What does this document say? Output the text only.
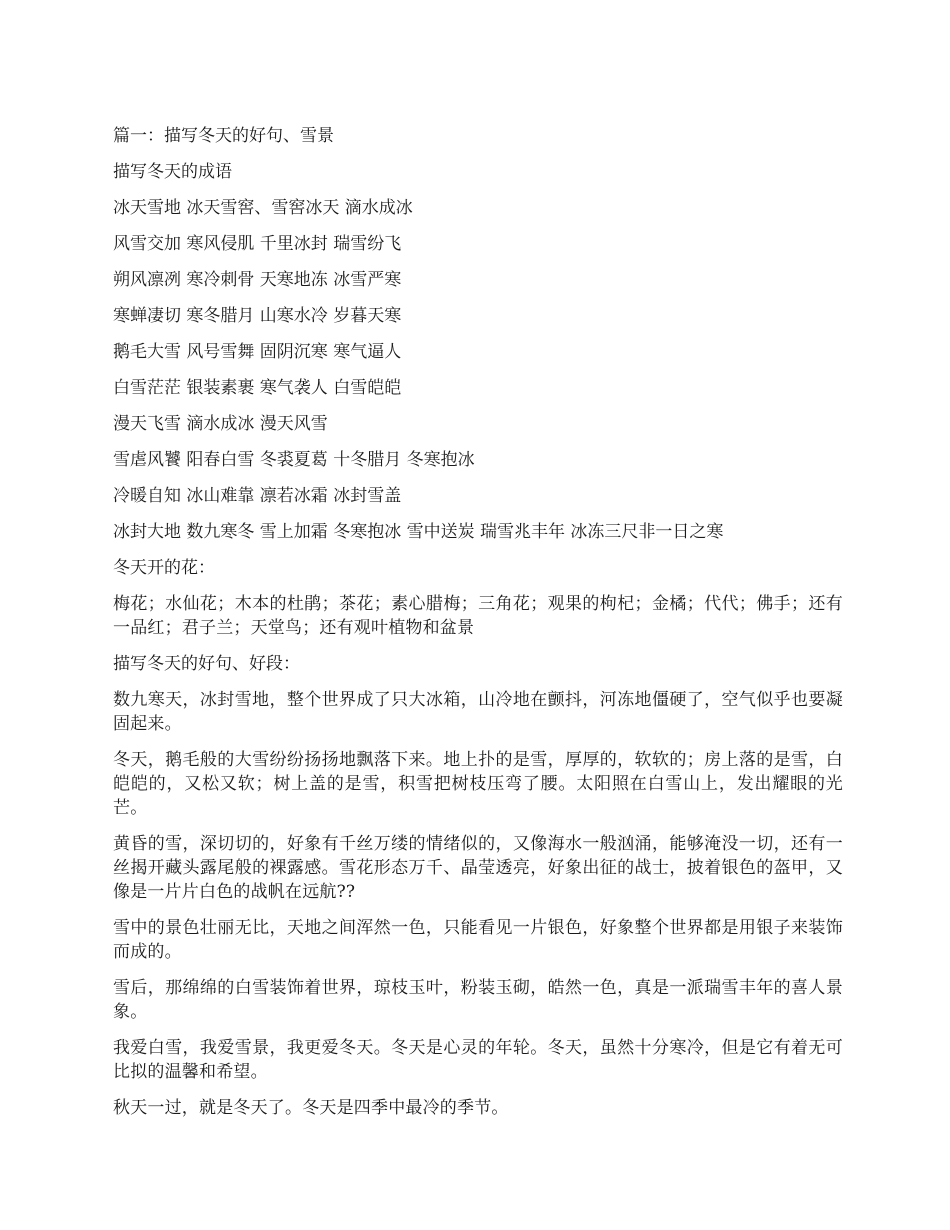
篇一：描写冬天的好句、雪景

描写冬天的成语

冰天雪地 冰天雪窖、雪窖冰天 滴水成冰

风雪交加 寒风侵肌 千里冰封 瑞雪纷飞

朔风凛冽 寒冷刺骨 天寒地冻 冰雪严寒

寒蝉凄切 寒冬腊月 山寒水冷 岁暮天寒

鹅毛大雪 风号雪舞 固阴沉寒 寒气逼人

白雪茫茫 银装素裹 寒气袭人 白雪皑皑

漫天飞雪 滴水成冰 漫天风雪

雪虐风饕 阳春白雪 冬裘夏葛 十冬腊月 冬寒抱冰

冷暖自知 冰山难靠 凛若冰霜 冰封雪盖

冰封大地 数九寒冬 雪上加霜 冬寒抱冰 雪中送炭 瑞雪兆丰年 冰冻三尺非一日之寒

冬天开的花：

梅花；水仙花；木本的杜鹃；茶花；素心腊梅；三角花；观果的枸杞；金橘；代代；佛手；还有一品红；君子兰；天堂鸟；还有观叶植物和盆景

描写冬天的好句、好段：

数九寒天，冰封雪地，整个世界成了只大冰箱，山冷地在颤抖，河冻地僵硬了，空气似乎也要凝固起来。

冬天，鹅毛般的大雪纷纷扬扬地飘落下来。地上扑的是雪，厚厚的，软软的；房上落的是雪，白皑皑的，又松又软；树上盖的是雪，积雪把树枝压弯了腰。太阳照在白雪山上，发出耀眼的光芒。

黄昏的雪，深切切的，好象有千丝万缕的情绪似的，又像海水一般汹涌，能够淹没一切，还有一丝揭开藏头露尾般的裸露感。雪花形态万千、晶莹透亮，好象出征的战士，披着银色的盔甲，又像是一片片白色的战帆在远航??

雪中的景色壮丽无比，天地之间浑然一色，只能看见一片银色，好象整个世界都是用银子来装饰而成的。

雪后，那绵绵的白雪装饰着世界，琼枝玉叶，粉装玉砌，皓然一色，真是一派瑞雪丰年的喜人景象。

我爱白雪，我爱雪景，我更爱冬天。冬天是心灵的年轮。冬天，虽然十分寒冷，但是它有着无可比拟的温馨和希望。

秋天一过，就是冬天了。冬天是四季中最冷的季节。
